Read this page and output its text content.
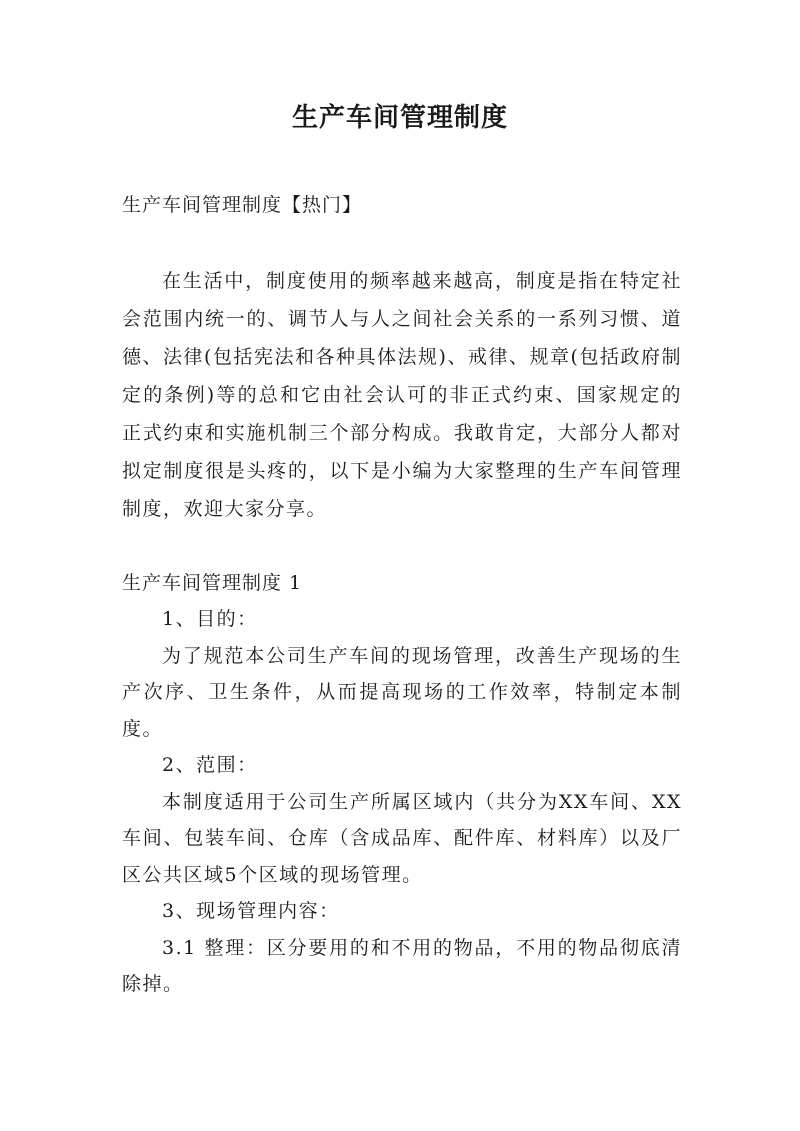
生产车间管理制度

生产车间管理制度【热门】

在生活中，制度使用的频率越来越高，制度是指在特定社会范围内统一的、调节人与人之间社会关系的一系列习惯、道德、法律(包括宪法和各种具体法规)、戒律、规章(包括政府制定的条例)等的总和它由社会认可的非正式约束、国家规定的正式约束和实施机制三个部分构成。我敢肯定，大部分人都对拟定制度很是头疼的，以下是小编为大家整理的生产车间管理制度，欢迎大家分享。

生产车间管理制度 1

1、目的：

为了规范本公司生产车间的现场管理，改善生产现场的生产次序、卫生条件，从而提高现场的工作效率，特制定本制度。

2、范围：

本制度适用于公司生产所属区域内（共分为XX车间、XX车间、包装车间、仓库（含成品库、配件库、材料库）以及厂区公共区域5个区域的现场管理。

3、现场管理内容：

3.1 整理：区分要用的和不用的物品，不用的物品彻底清除掉。
